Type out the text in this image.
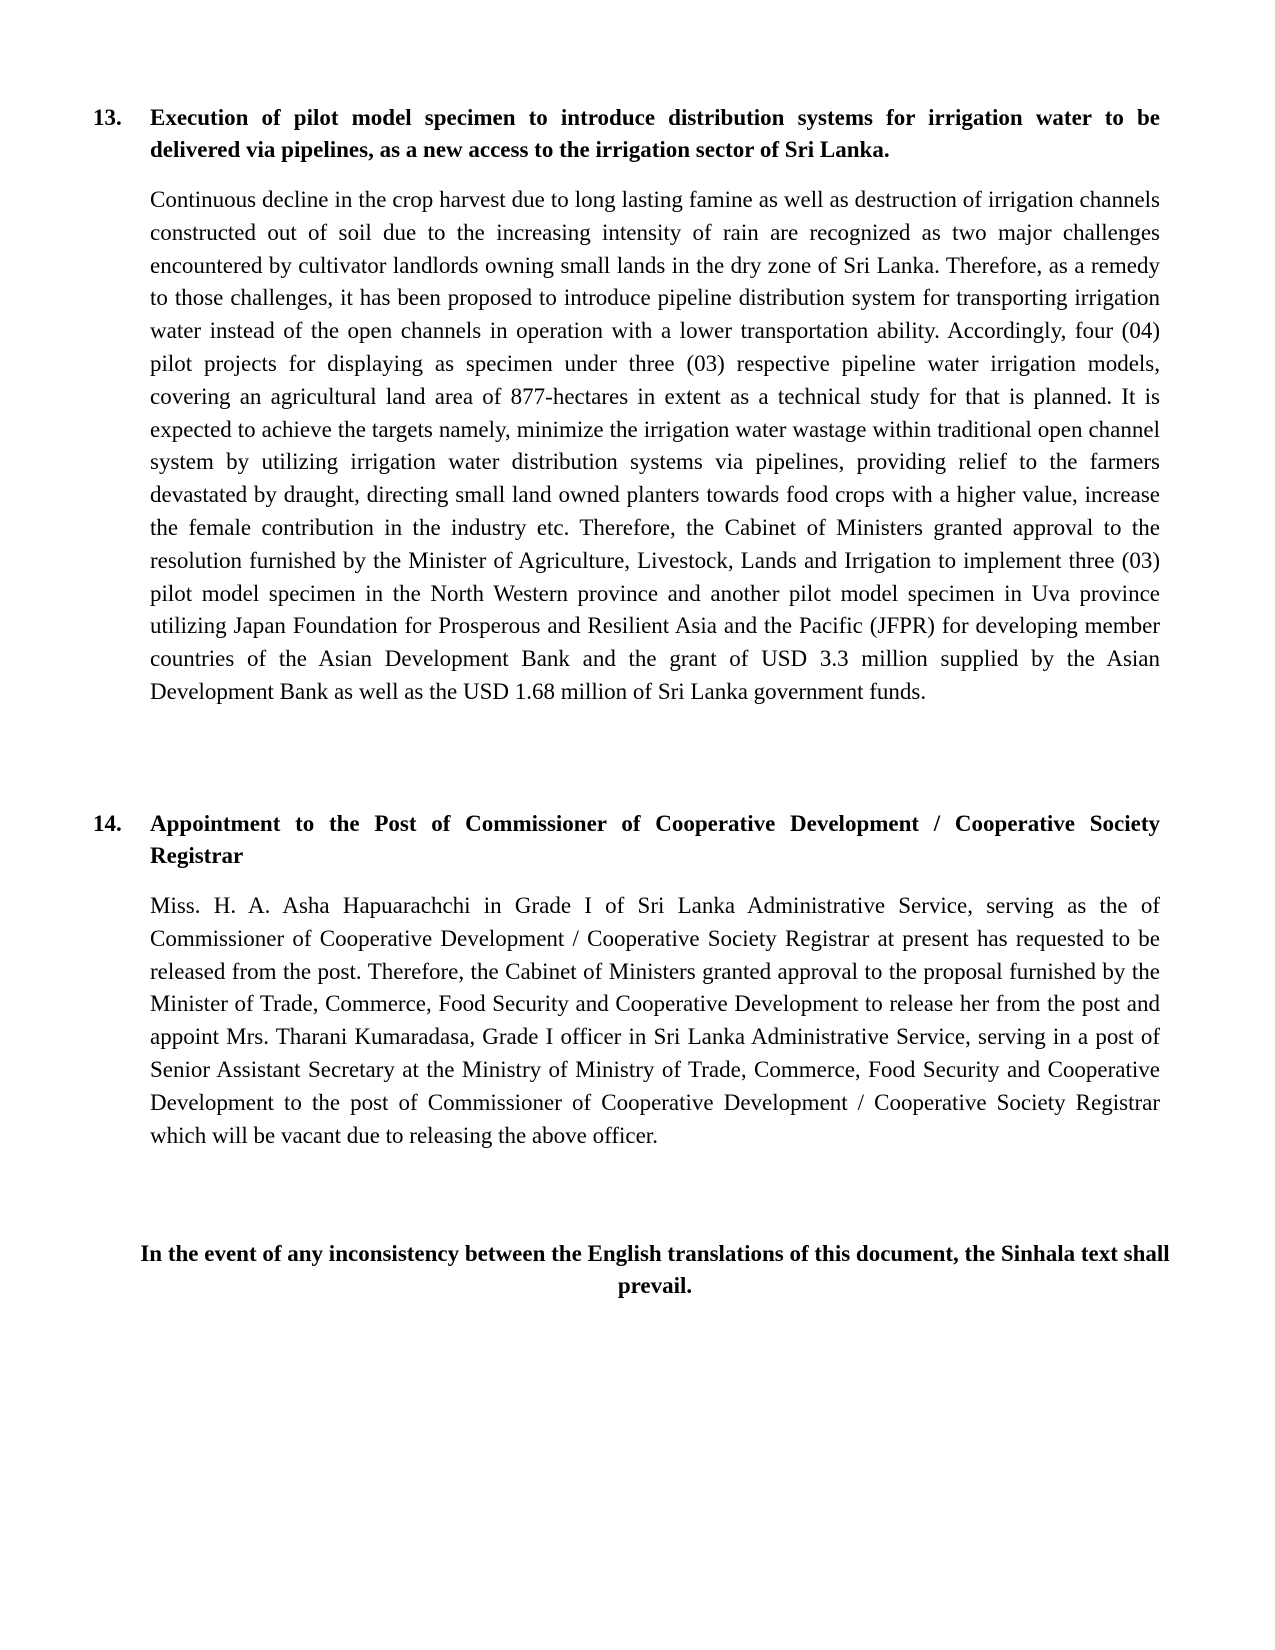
13. Execution of pilot model specimen to introduce distribution systems for irrigation water to be delivered via pipelines, as a new access to the irrigation sector of Sri Lanka.
Continuous decline in the crop harvest due to long lasting famine as well as destruction of irrigation channels constructed out of soil due to the increasing intensity of rain are recognized as two major challenges encountered by cultivator landlords owning small lands in the dry zone of Sri Lanka. Therefore, as a remedy to those challenges, it has been proposed to introduce pipeline distribution system for transporting irrigation water instead of the open channels in operation with a lower transportation ability. Accordingly, four (04) pilot projects for displaying as specimen under three (03) respective pipeline water irrigation models, covering an agricultural land area of 877-hectares in extent as a technical study for that is planned. It is expected to achieve the targets namely, minimize the irrigation water wastage within traditional open channel system by utilizing irrigation water distribution systems via pipelines, providing relief to the farmers devastated by draught, directing small land owned planters towards food crops with a higher value, increase the female contribution in the industry etc. Therefore, the Cabinet of Ministers granted approval to the resolution furnished by the Minister of Agriculture, Livestock, Lands and Irrigation to implement three (03) pilot model specimen in the North Western province and another pilot model specimen in Uva province utilizing Japan Foundation for Prosperous and Resilient Asia and the Pacific (JFPR) for developing member countries of the Asian Development Bank and the grant of USD 3.3 million supplied by the Asian Development Bank as well as the USD 1.68 million of Sri Lanka government funds.
14. Appointment to the Post of Commissioner of Cooperative Development / Cooperative Society Registrar
Miss. H. A. Asha Hapuarachchi in Grade I of Sri Lanka Administrative Service, serving as the of Commissioner of Cooperative Development / Cooperative Society Registrar at present has requested to be released from the post. Therefore, the Cabinet of Ministers granted approval to the proposal furnished by the Minister of Trade, Commerce, Food Security and Cooperative Development to release her from the post and appoint Mrs. Tharani Kumaradasa, Grade I officer in Sri Lanka Administrative Service, serving in a post of Senior Assistant Secretary at the Ministry of Ministry of Trade, Commerce, Food Security and Cooperative Development to the post of Commissioner of Cooperative Development / Cooperative Society Registrar which will be vacant due to releasing the above officer.
In the event of any inconsistency between the English translations of this document, the Sinhala text shall prevail.
